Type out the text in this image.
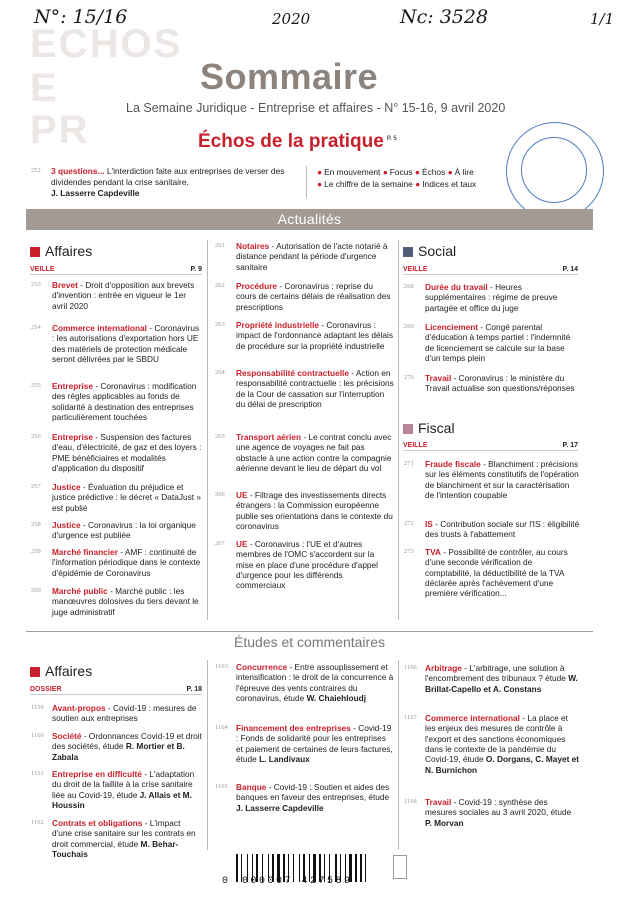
N°: 15/16	2020	Nc: 3528	1/1
ECHOS
E
PR
Sommaire
La Semaine Juridique - Entreprise et affaires - N° 15-16, 9 avril 2020
Échos de la pratique $^{P. 5}$
252 3 questions... L'interdiction faite aux entreprises de verser des dividendes pendant la crise sanitaire,
J. Lasserre Capdeville

● En mouvement ● Focus ● Échos ● À lire
● Le chiffre de la semaine ● Indices et taux
Actualités
Affaires
VEILLE	P. 9
253 Brevet - Droit d'opposition aux brevets d'invention : entrée en vigueur le 1er avril 2020
254 Commerce international - Coronavirus : les autorisations d'exportation hors UE des matériels de protection médicale seront délivrées par le SBDU
255 Entreprise - Coronavirus : modification des règles applicables au fonds de solidarité à destination des entreprises particulièrement touchées
256 Entreprise - Suspension des factures d'eau, d'électricité, de gaz et des loyers : PME bénéficiaires et modalités d'application du dispositif
257 Justice - Évaluation du préjudice et justice prédictive : le décret « DataJust » est publié
258 Justice - Coronavirus : la loi organique d'urgence est publiée
259 Marché financier - AMF : continuité de l'information périodique dans le contexte d'épidémie de Coronavirus
260 Marché public - Marché public : les manœuvres dolosives du tiers devant le juge administratif
261 Notaires - Autorisation de l'acte notarié à distance pendant la période d'urgence sanitaire
262 Procédure - Coronavirus : reprise du cours de certains délais de réalisation des prescriptions
263 Propriété industrielle - Coronavirus : impact de l'ordonnance adaptant les délais de procédure sur la propriété industrielle
264 Responsabilité contractuelle - Action en responsabilité contractuelle : les précisions de la Cour de cassation sur l'interruption du délai de prescription
265 Transport aérien - Le contrat conclu avec une agence de voyages ne fait pas obstacle à une action contre la compagnie aérienne devant le lieu de départ du vol
266 UE - Filtrage des investissements directs étrangers : la Commission européenne publie ses orientations dans le contexte du coronavirus
267 UE - Coronavirus : l'UE et d'autres membres de l'OMC s'accordent sur la mise en place d'une procédure d'appel d'urgence pour les différends commerciaux
Social
VEILLE	P. 14
268 Durée du travail - Heures supplémentaires : régime de preuve partagée et office du juge
269 Licenciement - Congé parental d'éducation à temps partiel : l'indemnité de licenciement se calcule sur la base d'un temps plein
270 Travail - Coronavirus : le ministère du Travail actualise son questions/réponses
Fiscal
VEILLE	P. 17
271 Fraude fiscale - Blanchiment : précisions sur les éléments constitutifs de l'opération de blanchiment et sur la caractérisation de l'intention coupable
272 IS - Contribution sociale sur l'IS : éligibilité des trusts à l'abattement
273 TVA - Possibilité de contrôler, au cours d'une seconde vérification de comptabilité, la déductibilité de la TVA déclarée après l'achèvement d'une première vérification...
Études et commentaires
Affaires
DOSSIER	P. 18
1159 Avant-propos - Covid-19 : mesures de soutien aux entreprises
1160 Société - Ordonnances Covid-19 et droit des sociétés, étude R. Mortier et B. Zabala
1161 Entreprise en difficulté - L'adaptation du droit de la faillite à la crise sanitaire liée au Covid-19, étude J. Allais et M. Houssin
1162 Contrats et obligations - L'impact d'une crise sanitaire sur les contrats en droit commercial, étude M. Behar-Touchais
1163 Concurrence - Entre assouplissement et intensification : le droit de la concurrence à l'épreuve des vents contraires du coronavirus, étude W. Chaiehloudj
1164 Financement des entreprises - Covid-19 : Fonds de solidarité pour les entreprises et paiement de certaines de leurs factures, étude L. Landivaux
1165 Banque - Covid-19 : Soutien et aides des banques en faveur des entreprises, étude J. Lasserre Capdeville
1166 Arbitrage - L'arbitrage, une solution à l'encombrement des tribunaux ? étude W. Brillat-Capello et A. Constans
1167 Commerce international - La place et les enjeux des mesures de contrôle à l'export et des sanctions économiques dans le contexte de la pandémie du Covid-19, étude O. Dorgans, C. Mayet et N. Burnichon
1168 Travail - Covid-19 : synthèse des mesures sociales au 3 avril 2020, étude P. Morvan
0 000007 427589
